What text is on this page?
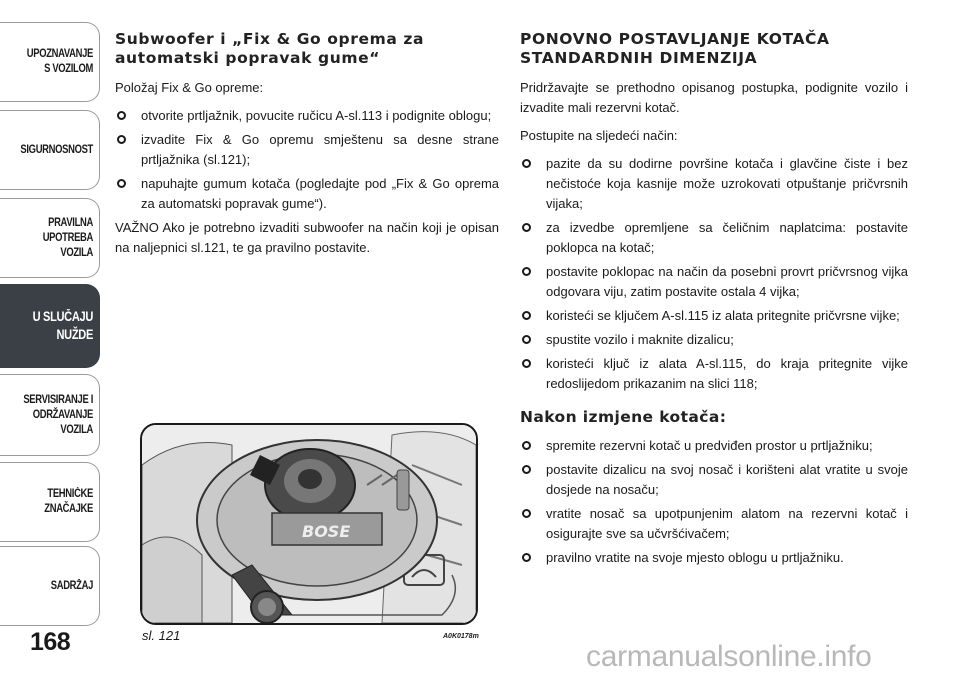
UPOZNAVANJE
S VOZILOM
SIGURNOSNOST
PRAVILNA
UPOTREBA
VOZILA
U SLUČAJU
NUŽDE
SERVISIRANJE I
ODRŽAVANJE
VOZILA
TEHNIČKE
ZNAČAJKE
SADRŽAJ
168
Subwoofer i „Fix & Go oprema za automatski popravak gume“

Položaj Fix & Go opreme:

otvorite prtljažnik, povucite ručicu A-sl.113 i podignite oblogu;
izvadite Fix & Go opremu smještenu sa desne strane prtljažnika (sl.121);
napuhajte gumum kotača (pogledajte pod „Fix & Go oprema za automatski popravak gume“).

VAŽNO Ako je potrebno izvaditi subwoofer na način koji je opisan na naljepnici sl.121, te ga pravilno postavite.

BOSE
sl. 121	A0K0178m
PONOVNO POSTAVLJANJE KOTAČA STANDARDNIH DIMENZIJA

Pridržavajte se prethodno opisanog postupka, podignite vozilo i izvadite mali rezervni kotač.

Postupite na sljedeći način:

pazite da su dodirne površine kotača i glavčine čiste i bez nečistoće koja kasnije može uzrokovati otpuštanje pričvrsnih vijaka;
za izvedbe opremljene sa čeličnim naplatcima: postavite poklopca na kotač;
postavite poklopac na način da posebni provrt pričvrsnog vijka odgovara viju, zatim postavite ostala 4 vijka;
koristeći se ključem A-sl.115 iz alata pritegnite pričvrsne vijke;
spustite vozilo i maknite dizalicu;
koristeći ključ iz alata A-sl.115, do kraja pritegnite vijke redoslijedom prikazanim na slici 118;
Nakon izmjene kotača:
spremite rezervni kotač u predviđen prostor u prtljažniku;
postavite dizalicu na svoj nosač i korišteni alat vratite u svoje dosjede na nosaču;
vratite nosač sa upotpunjenim alatom na rezervni kotač i osigurajte sve sa učvršćivačem;
pravilno vratite na svoje mjesto oblogu u prtljažniku.
carmanualsonline.info
